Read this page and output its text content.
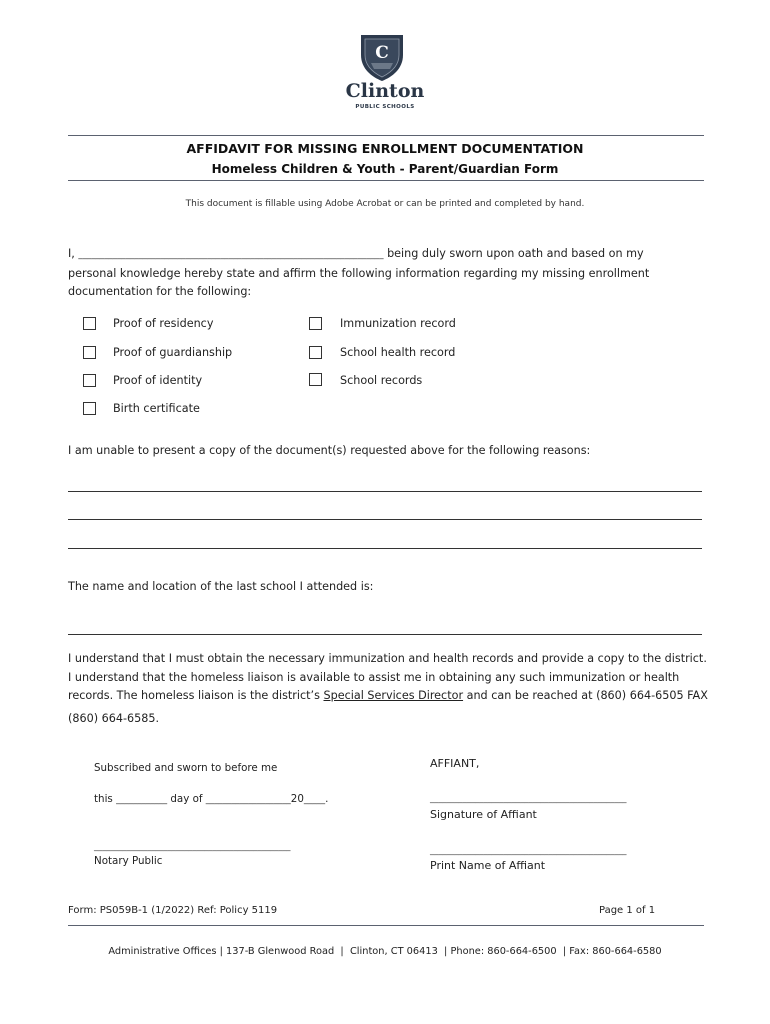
C
Clinton
PUBLIC SCHOOLS
AFFIDAVIT FOR MISSING ENROLLMENT DOCUMENTATION
Homeless Children & Youth - Parent/Guardian Form
This document is fillable using Adobe Acrobat or can be printed and completed by hand.
I, _______________________________________________________________________ being duly sworn upon oath and based on my
personal knowledge hereby state and affirm the following information regarding my missing enrollment
documentation for the following:
Proof of residency
Proof of guardianship
Proof of identity
Birth certificate
Immunization record
School health record
School records
I am unable to present a copy of the document(s) requested above for the following reasons:
The name and location of the last school I attended is:
I understand that I must obtain the necessary immunization and health records and provide a copy to the district.
I understand that the homeless liaison is available to assist me in obtaining any such immunization or health
records. The homeless liaison is the district’s Special Services Director and can be reached at (860) 664-6505 FAX
(860) 664-6585.
Subscribed and sworn to before me
this ____________ day of ____________________20_____.
________________________________________________
Notary Public
AFFIANT,
________________________________________________
Signature of Affiant
________________________________________________
Print Name of Affiant
Form: PS059B-1 (1/2022) Ref: Policy 5119	Page 1 of 1
Administrative Offices | 137-B Glenwood Road  |  Clinton, CT 06413  | Phone: 860-664-6500  | Fax: 860-664-6580
